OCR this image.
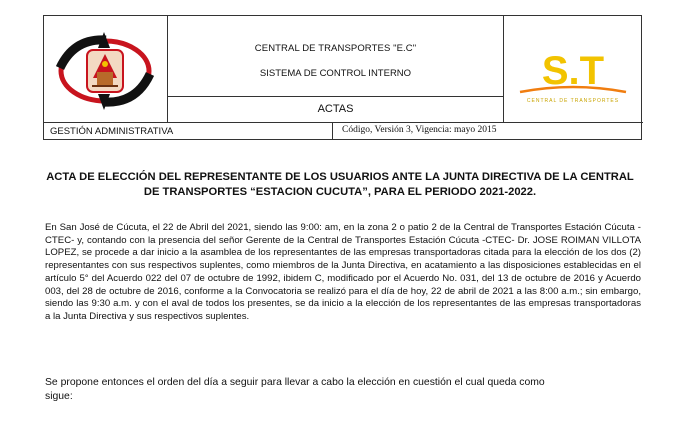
CENTRAL DE TRANSPORTES "E.C"
SISTEMA DE CONTROL INTERNO
ACTAS
S.T
CENTRAL DE TRANSPORTES
GESTIÓN ADMINISTRATIVA	Código, Versión 3, Vigencia: mayo 2015
ACTA DE ELECCIÓN DEL REPRESENTANTE DE LOS USUARIOS ANTE LA JUNTA DIRECTIVA DE LA CENTRAL DE TRANSPORTES “ESTACION CUCUTA”, PARA EL PERIODO 2021-2022.
En San José de Cúcuta, el 22 de Abril del 2021, siendo las 9:00: am, en la zona 2 o patio 2 de la Central de Transportes Estación Cúcuta -CTEC- y, contando con la presencia del señor Gerente de la Central de Transportes Estación Cúcuta -CTEC- Dr. JOSE ROIMAN VILLOTA LOPEZ, se procede a dar inicio a la asamblea de los representantes de las empresas transportadoras citada para la elección de los dos (2) representantes con sus respectivos suplentes, como miembros de la Junta Directiva, en acatamiento a las disposiciones establecidas en el artículo 5° del Acuerdo 022 del 07 de octubre de 1992, ibidem C, modificado por el Acuerdo No. 031, del 13 de octubre de 2016 y Acuerdo 003, del 28 de octubre de 2016, conforme a la Convocatoria se realizó para el día de hoy, 22 de abril de 2021 a las 8:00 a.m.; sin embargo, siendo las 9:30 a.m. y con el aval de todos los presentes, se da inicio a la elección de los representantes de las empresas transportadoras a la Junta Directiva y sus respectivos suplentes.
Se propone entonces el orden del día a seguir para llevar a cabo la elección en cuestión el cual queda como sigue:
